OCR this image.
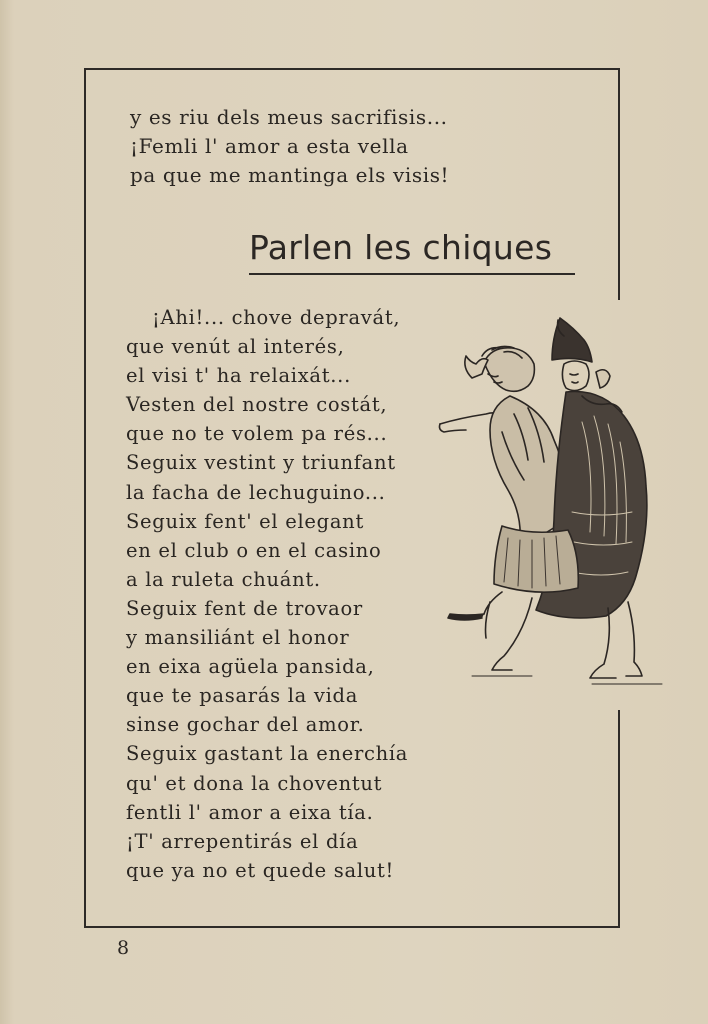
y es riu dels meus sacrifisis...
¡Femli l' amor a esta vella
pa que me mantinga els visis!
Parlen les chiques
¡Ahi!... chove depravát,
que venút al interés,
el visi t' ha relaixát...
Vesten del nostre costát,
que no te volem pa rés...
Seguix vestint y triunfant
la facha de lechuguino...
Seguix fent' el elegant
en el club o en el casino
a la ruleta chuánt.
Seguix fent de trovaor
y mansiliánt el honor
en eixa agüela pansida,
que te pasarás la vida
sinse gochar del amor.
Seguix gastant la enerchía
qu' et dona la choventut
fentli l' amor a eixa tía.
¡T' arrepentirás el día
que ya no et quede salut!
8
